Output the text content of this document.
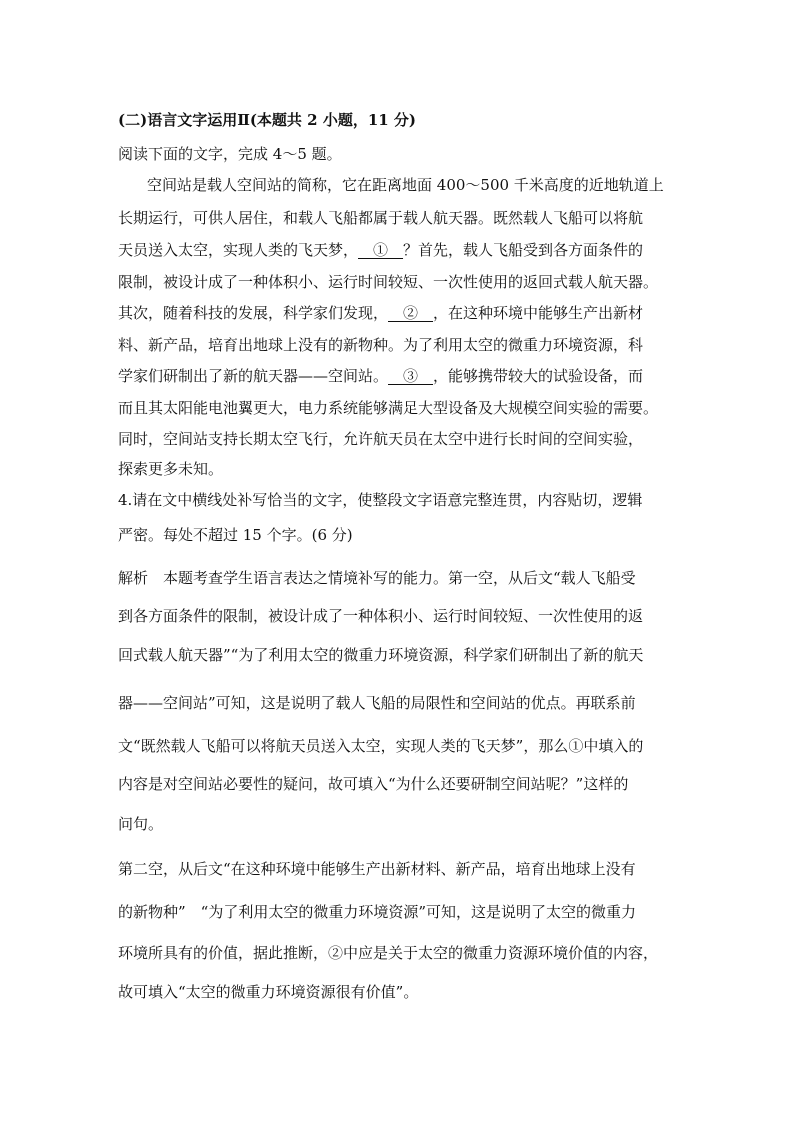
(二)语言文字运用Ⅱ(本题共 2 小题，11 分)
阅读下面的文字，完成 4～5 题。
空间站是载人空间站的简称，它在距离地面 400～500 千米高度的近地轨道上
长期运行，可供人居住，和载人飞船都属于载人航天器。既然载人飞船可以将航
天员送入太空，实现人类的飞天梦，__①__？首先，载人飞船受到各方面条件的
限制，被设计成了一种体积小、运行时间较短、一次性使用的返回式载人航天器。
其次，随着科技的发展，科学家们发现，__②__，在这种环境中能够生产出新材
料、新产品，培育出地球上没有的新物种。为了利用太空的微重力环境资源，科
学家们研制出了新的航天器——空间站。__③__，能够携带较大的试验设备，而
而且其太阳能电池翼更大，电力系统能够满足大型设备及大规模空间实验的需要。
同时，空间站支持长期太空飞行，允许航天员在太空中进行长时间的空间实验，
探索更多未知。
4.请在文中横线处补写恰当的文字，使整段文字语意完整连贯，内容贴切，逻辑
严密。每处不超过 15 个字。(6 分)
解析　本题考查学生语言表达之情境补写的能力。第一空，从后文“载人飞船受
到各方面条件的限制，被设计成了一种体积小、运行时间较短、一次性使用的返
回式载人航天器”“为了利用太空的微重力环境资源，科学家们研制出了新的航天
器——空间站”可知，这是说明了载人飞船的局限性和空间站的优点。再联系前
文“既然载人飞船可以将航天员送入太空，实现人类的飞天梦”，那么①中填入的
内容是对空间站必要性的疑问，故可填入“为什么还要研制空间站呢？”这样的
问句。
第二空，从后文“在这种环境中能够生产出新材料、新产品，培育出地球上没有
的新物种”　“为了利用太空的微重力环境资源”可知，这是说明了太空的微重力
环境所具有的价值，据此推断，②中应是关于太空的微重力资源环境价值的内容，
故可填入“太空的微重力环境资源很有价值”。
